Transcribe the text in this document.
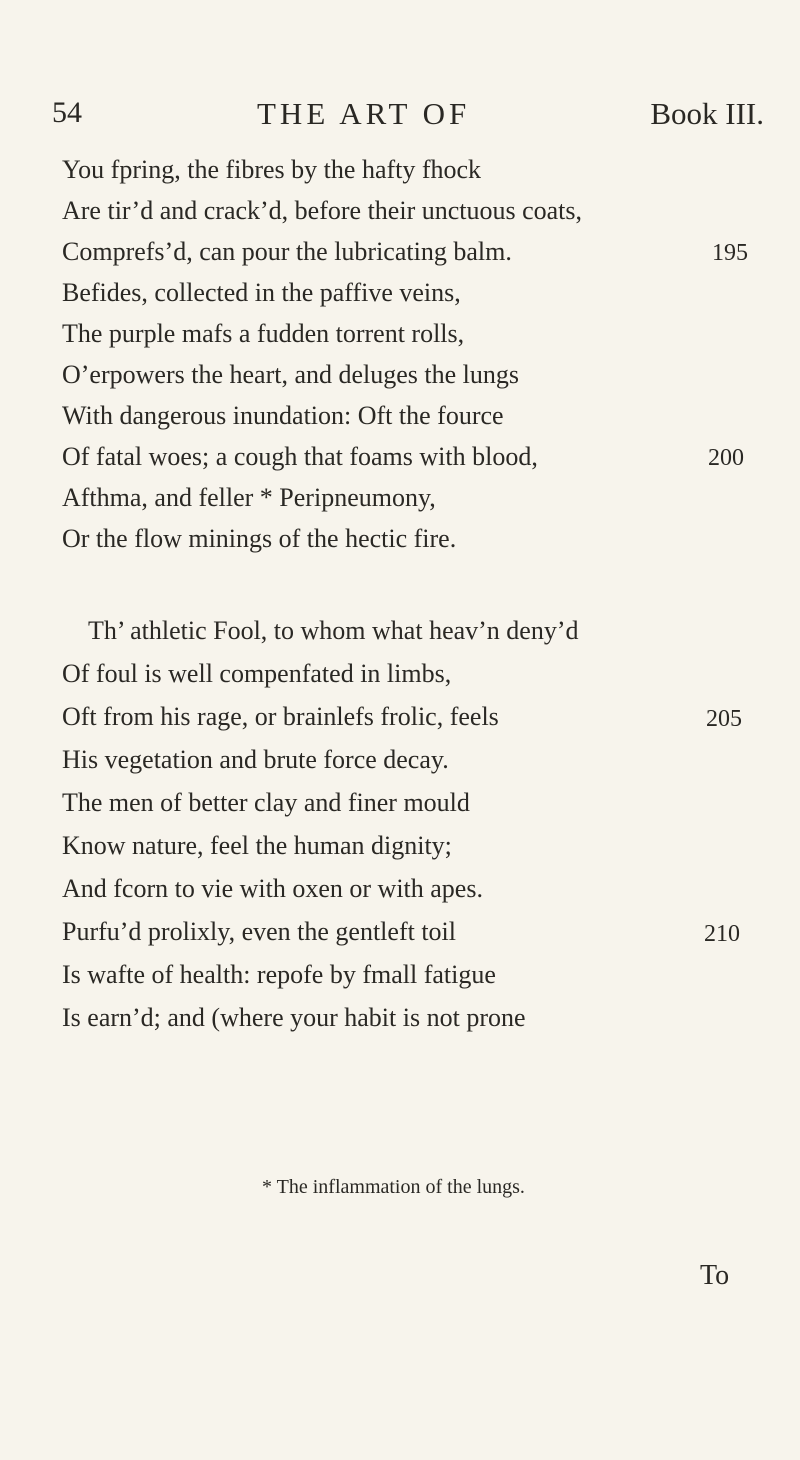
54	THE ART OF	Book III.
You fpring, the fibres by the hafty fhock
Are tir’d and crack’d, before their unctuous coats,
Comprefs’d, can pour the lubricating balm.
Befides, collected in the paffive veins,
The purple mafs a fudden torrent rolls,
O’erpowers the heart, and deluges the lungs
With dangerous inundation: Oft the fource
Of fatal woes; a cough that foams with blood,
Afthma, and feller * Peripneumony,
Or the flow minings of the hectic fire.
Th’ athletic Fool, to whom what heav’n deny’d
Of foul is well compenfated in limbs,
Oft from his rage, or brainlefs frolic, feels
His vegetation and brute force decay.
The men of better clay and finer mould
Know nature, feel the human dignity;
And fcorn to vie with oxen or with apes.
Purfu’d prolixly, even the gentleft toil
Is wafte of health: repofe by fmall fatigue
Is earn’d; and (where your habit is not prone
195
200
205
210
* The inflammation of the lungs.
To
